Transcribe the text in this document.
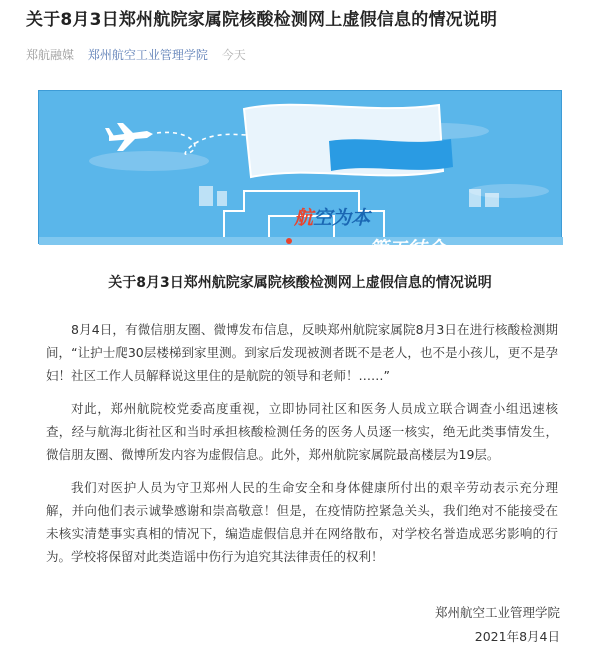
关于8月3日郑州航院家属院核酸检测网上虚假信息的情况说明
郑航融媒 郑州航空工业管理学院 今天
航空为本
管工结合
郑州航院
关于8月3日郑州航院家属院核酸检测网上虚假信息的情况说明

8月4日，有微信朋友圈、微博发布信息，反映郑州航院家属院8月3日在进行核酸检测期间，“让护士爬30层楼梯到家里测。到家后发现被测者既不是老人，也不是小孩儿，更不是孕妇！社区工作人员解释说这里住的是航院的领导和老师！……”

对此，郑州航院校党委高度重视，立即协同社区和医务人员成立联合调查小组迅速核查，经与航海北街社区和当时承担核酸检测任务的医务人员逐一核实，绝无此类事情发生，微信朋友圈、微博所发内容为虚假信息。此外，郑州航院家属院最高楼层为19层。

我们对医护人员为守卫郑州人民的生命安全和身体健康所付出的艰辛劳动表示充分理解，并向他们表示诚挚感谢和崇高敬意！但是，在疫情防控紧急关头，我们绝对不能接受在未核实清楚事实真相的情况下，编造虚假信息并在网络散布，对学校名誉造成恶劣影响的行为。学校将保留对此类造谣中伤行为追究其法律责任的权利！

郑州航空工业管理学院
2021年8月4日
